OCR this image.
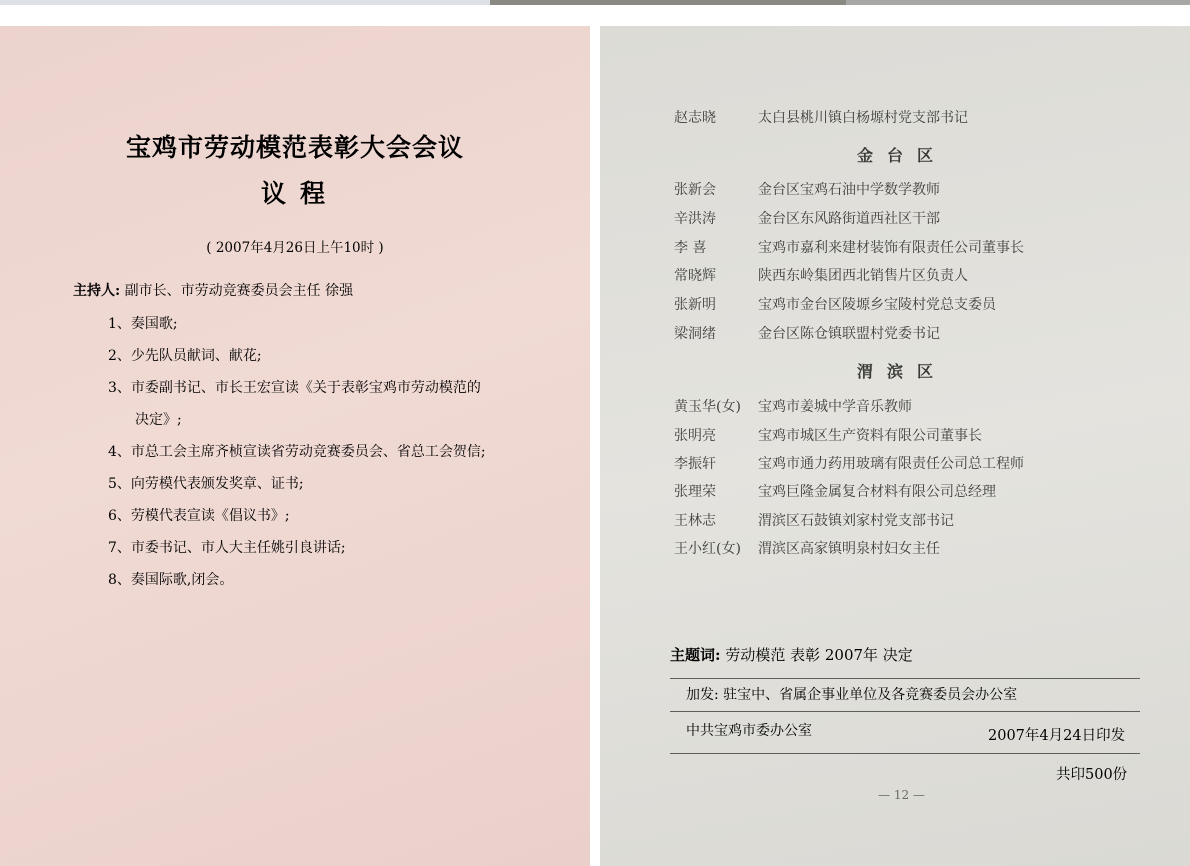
宝鸡市劳动模范表彰大会会议
议程
( 2007年4月26日上午10时 )
主持人: 副市长、市劳动竞赛委员会主任 徐强
1、奏国歌;
2、少先队员献词、献花;
3、市委副书记、市长王宏宣读《关于表彰宝鸡市劳动模范的
决定》;
4、市总工会主席齐桢宣读省劳动竞赛委员会、省总工会贺信;
5、向劳模代表颁发奖章、证书;
6、劳模代表宣读《倡议书》;
7、市委书记、市人大主任姚引良讲话;
8、奏国际歌,闭会。
赵志晓	太白县桃川镇白杨塬村党支部书记
金台区
张新会	金台区宝鸡石油中学数学教师
辛洪涛	金台区东风路街道西社区干部
李 喜	宝鸡市嘉利来建材装饰有限责任公司董事长
常晓辉	陕西东岭集团西北销售片区负责人
张新明	宝鸡市金台区陵塬乡宝陵村党总支委员
梁洞绪	金台区陈仓镇联盟村党委书记
渭滨区
黄玉华(女) 宝鸡市姜城中学音乐教师
张明亮	宝鸡市城区生产资料有限公司董事长
李振轩	宝鸡市通力药用玻璃有限责任公司总工程师
张理荣	宝鸡巨隆金属复合材料有限公司总经理
王林志	渭滨区石鼓镇刘家村党支部书记
王小红(女) 渭滨区高家镇明泉村妇女主任
主题词: 劳动模范 表彰 2007年 决定
加发: 驻宝中、省属企事业单位及各竞赛委员会办公室
中共宝鸡市委办公室	2007年4月24日印发
共印500份
— 12 —
